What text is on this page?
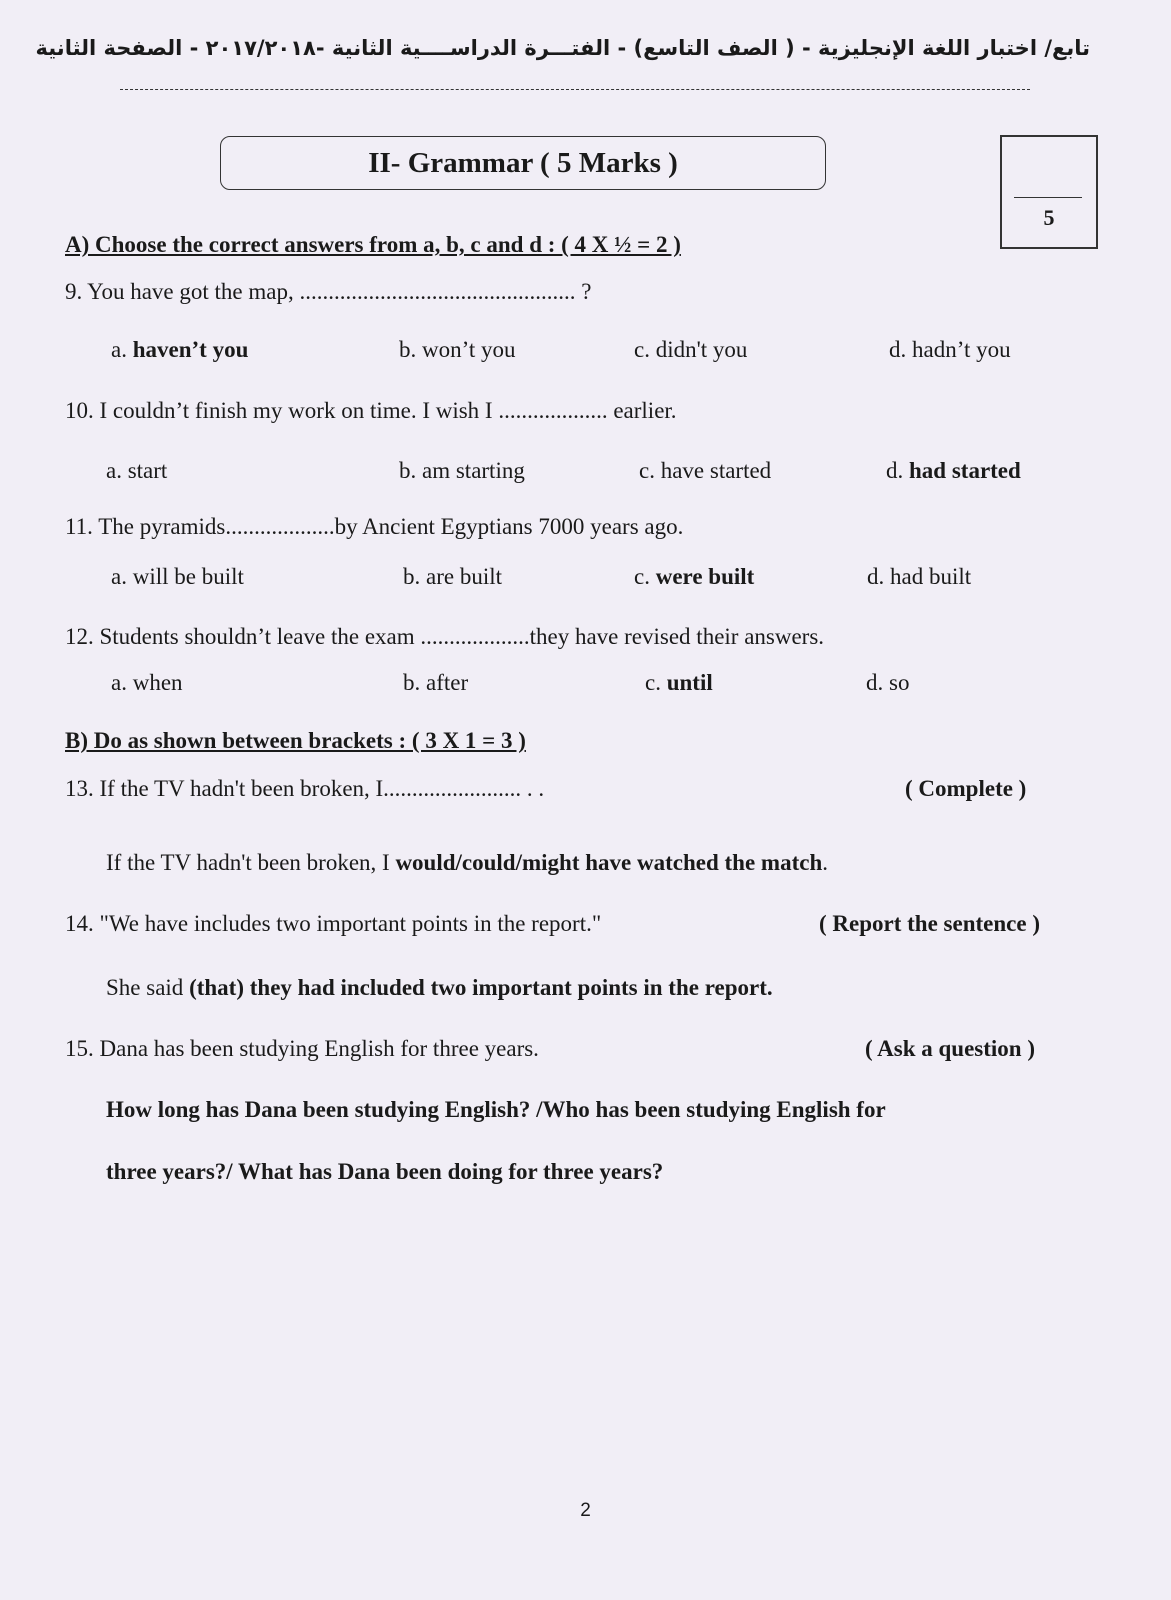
تابع/ اختبار اللغة الإنجليزية - ( الصف التاسع) - الفتـــرة الدراســــية الثانية -٢٠١٧/٢٠١٨ - الصفحة الثانية
II- Grammar ( 5 Marks )
5
A) Choose the correct answers from a, b, c and d : ( 4 X ½ = 2 )
9. You have got the map, ................................................ ?
a. haven’t you	b. won’t you	c. didn't you	d. hadn’t you
10. I couldn’t finish my work on time. I wish I ................... earlier.
a. start	b. am starting	c. have started	d. had started
11. The pyramids...................by Ancient Egyptians 7000 years ago.
a. will be built	b. are built	c. were built	d. had built
12. Students shouldn’t leave the exam ...................they have revised their answers.
a. when	b. after	c. until	d. so
B) Do as shown between brackets : ( 3 X 1 = 3 )
13. If the TV hadn't been broken, I........................ . .	( Complete )
If the TV hadn't been broken, I would/could/might have watched the match.
14. "We have includes two important points in the report."	( Report the sentence )
She said (that) they had included two important points in the report.
15. Dana has been studying English for three years.	( Ask a question )
How long has Dana been studying English? /Who has been studying English for
three years?/ What has Dana been doing for three years?
2
